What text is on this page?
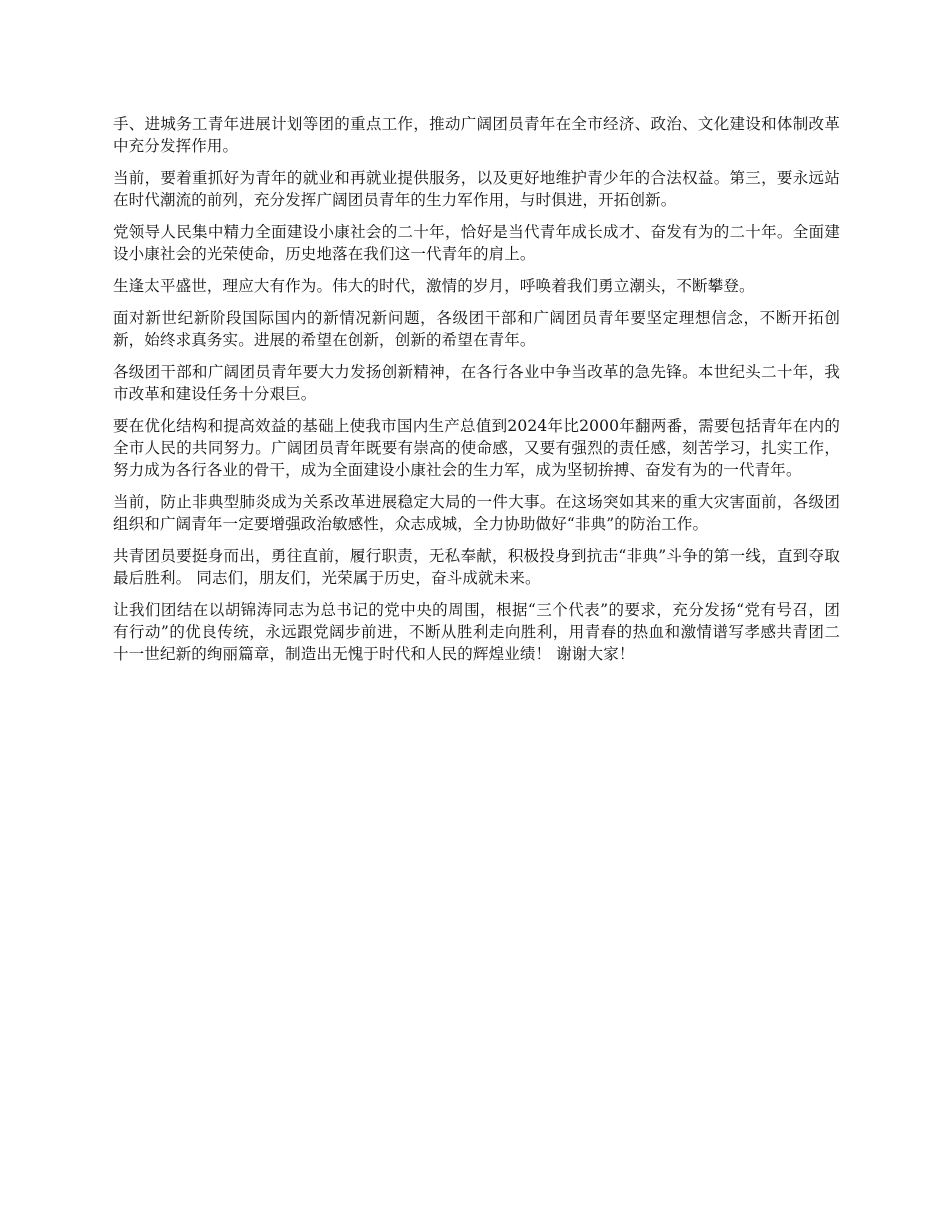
手、进城务工青年进展计划等团的重点工作，推动广阔团员青年在全市经济、政治、文化建设和体制改革中充分发挥作用。

当前，要着重抓好为青年的就业和再就业提供服务，以及更好地维护青少年的合法权益。第三，要永远站在时代潮流的前列，充分发挥广阔团员青年的生力军作用，与时俱进，开拓创新。

党领导人民集中精力全面建设小康社会的二十年，恰好是当代青年成长成才、奋发有为的二十年。全面建设小康社会的光荣使命，历史地落在我们这一代青年的肩上。

生逢太平盛世，理应大有作为。伟大的时代，激情的岁月，呼唤着我们勇立潮头，不断攀登。

面对新世纪新阶段国际国内的新情况新问题，各级团干部和广阔团员青年要坚定理想信念，不断开拓创新，始终求真务实。进展的希望在创新，创新的希望在青年。

各级团干部和广阔团员青年要大力发扬创新精神，在各行各业中争当改革的急先锋。本世纪头二十年，我市改革和建设任务十分艰巨。

要在优化结构和提高效益的基础上使我市国内生产总值到2024年比2000年翻两番，需要包括青年在内的全市人民的共同努力。广阔团员青年既要有崇高的使命感，又要有强烈的责任感，刻苦学习，扎实工作，努力成为各行各业的骨干，成为全面建设小康社会的生力军，成为坚韧拚搏、奋发有为的一代青年。

当前，防止非典型肺炎成为关系改革进展稳定大局的一件大事。在这场突如其来的重大灾害面前，各级团组织和广阔青年一定要增强政治敏感性，众志成城，全力协助做好“非典”的防治工作。

共青团员要挺身而出，勇往直前，履行职责，无私奉献，积极投身到抗击“非典”斗争的第一线，直到夺取最后胜利。 同志们，朋友们，光荣属于历史，奋斗成就未来。

让我们团结在以胡锦涛同志为总书记的党中央的周围，根据“三个代表”的要求，充分发扬“党有号召，团有行动”的优良传统，永远跟党阔步前进，不断从胜利走向胜利，用青春的热血和激情谱写孝感共青团二十一世纪新的绚丽篇章，制造出无愧于时代和人民的辉煌业绩！ 谢谢大家！
